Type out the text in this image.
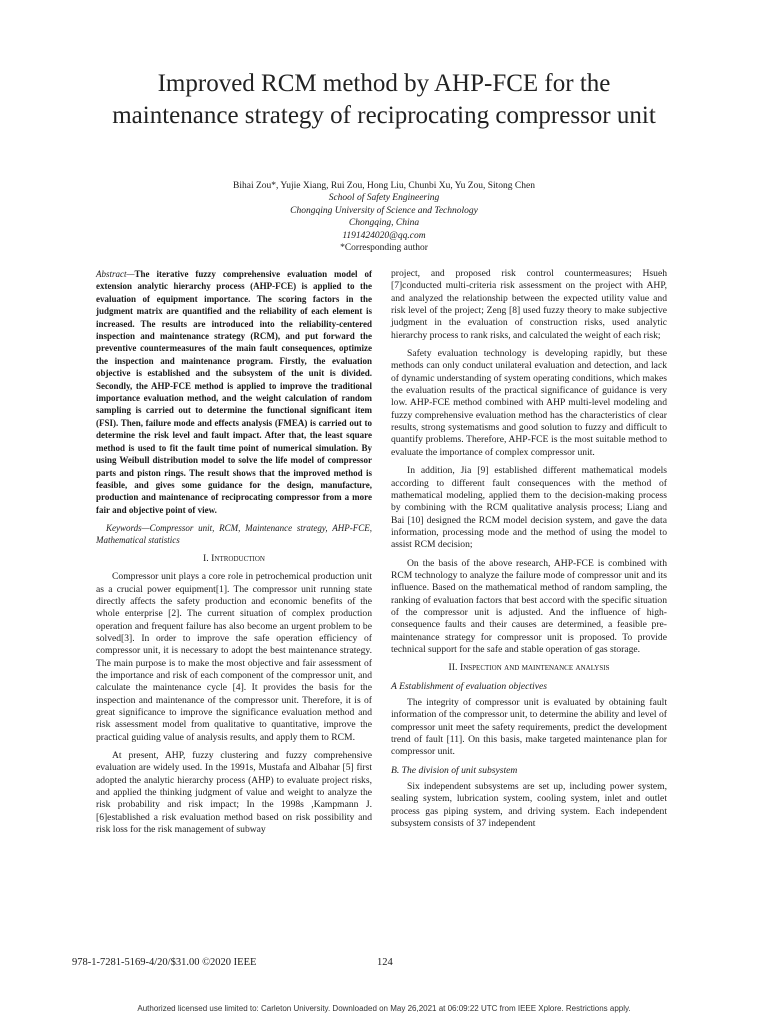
Improved RCM method by AHP-FCE for the maintenance strategy of reciprocating compressor unit
Bihai Zou*, Yujie Xiang, Rui Zou, Hong Liu, Chunbi Xu, Yu Zou, Sitong Chen
School of Safety Engineering
Chongqing University of Science and Technology
Chongqing, China
1191424020@qq.com
*Corresponding author

Abstract—The iterative fuzzy comprehensive evaluation model of extension analytic hierarchy process (AHP-FCE) is applied to the evaluation of equipment importance. The scoring factors in the judgment matrix are quantified and the reliability of each element is increased. The results are introduced into the reliability-centered inspection and maintenance strategy (RCM), and put forward the preventive countermeasures of the main fault consequences, optimize the inspection and maintenance program. Firstly, the evaluation objective is established and the subsystem of the unit is divided. Secondly, the AHP-FCE method is applied to improve the traditional importance evaluation method, and the weight calculation of random sampling is carried out to determine the functional significant item (FSI). Then, failure mode and effects analysis (FMEA) is carried out to determine the risk level and fault impact. After that, the least square method is used to fit the fault time point of numerical simulation. By using Weibull distribution model to solve the life model of compressor parts and piston rings. The result shows that the improved method is feasible, and gives some guidance for the design, manufacture, production and maintenance of reciprocating compressor from a more fair and objective point of view.

Keywords—Compressor unit, RCM, Maintenance strategy, AHP-FCE, Mathematical statistics

I. Introduction

Compressor unit plays a core role in petrochemical production unit as a crucial power equipment[1]. The compressor unit running state directly affects the safety production and economic benefits of the whole enterprise [2]. The current situation of complex production operation and frequent failure has also become an urgent problem to be solved[3]. In order to improve the safe operation efficiency of compressor unit, it is necessary to adopt the best maintenance strategy. The main purpose is to make the most objective and fair assessment of the importance and risk of each component of the compressor unit, and calculate the maintenance cycle [4]. It provides the basis for the inspection and maintenance of the compressor unit. Therefore, it is of great significance to improve the significance evaluation method and risk assessment model from qualitative to quantitative, improve the practical guiding value of analysis results, and apply them to RCM.

At present, AHP, fuzzy clustering and fuzzy comprehensive evaluation are widely used. In the 1991s, Mustafa and Albahar [5] first adopted the analytic hierarchy process (AHP) to evaluate project risks, and applied the thinking judgment of value and weight to analyze the risk probability and risk impact; In the 1998s ,Kampmann J. [6]established a risk evaluation method based on risk possibility and risk loss for the risk management of subway

project, and proposed risk control countermeasures; Hsueh [7]conducted multi-criteria risk assessment on the project with AHP, and analyzed the relationship between the expected utility value and risk level of the project; Zeng [8] used fuzzy theory to make subjective judgment in the evaluation of construction risks, used analytic hierarchy process to rank risks, and calculated the weight of each risk;

Safety evaluation technology is developing rapidly, but these methods can only conduct unilateral evaluation and detection, and lack of dynamic understanding of system operating conditions, which makes the evaluation results of the practical significance of guidance is very low. AHP-FCE method combined with AHP multi-level modeling and fuzzy comprehensive evaluation method has the characteristics of clear results, strong systematisms and good solution to fuzzy and difficult to quantify problems. Therefore, AHP-FCE is the most suitable method to evaluate the importance of complex compressor unit.

In addition, Jia [9] established different mathematical models according to different fault consequences with the method of mathematical modeling, applied them to the decision-making process by combining with the RCM qualitative analysis process; Liang and Bai [10] designed the RCM model decision system, and gave the data information, processing mode and the method of using the model to assist RCM decision;

On the basis of the above research, AHP-FCE is combined with RCM technology to analyze the failure mode of compressor unit and its influence. Based on the mathematical method of random sampling, the ranking of evaluation factors that best accord with the specific situation of the compressor unit is adjusted. And the influence of high-consequence faults and their causes are determined, a feasible pre-maintenance strategy for compressor unit is proposed. To provide technical support for the safe and stable operation of gas storage.

II. Inspection and maintenance analysis
A Establishment of evaluation objectives

The integrity of compressor unit is evaluated by obtaining fault information of the compressor unit, to determine the ability and level of compressor unit meet the safety requirements, predict the development trend of fault [11]. On this basis, make targeted maintenance plan for compressor unit.

B. The division of unit subsystem

Six independent subsystems are set up, including power system, sealing system, lubrication system, cooling system, inlet and outlet process gas piping system, and driving system. Each independent subsystem consists of 37 independent

978-1-7281-5169-4/20/$31.00 ©2020 IEEE	124
Authorized licensed use limited to: Carleton University. Downloaded on May 26,2021 at 06:09:22 UTC from IEEE Xplore. Restrictions apply.
